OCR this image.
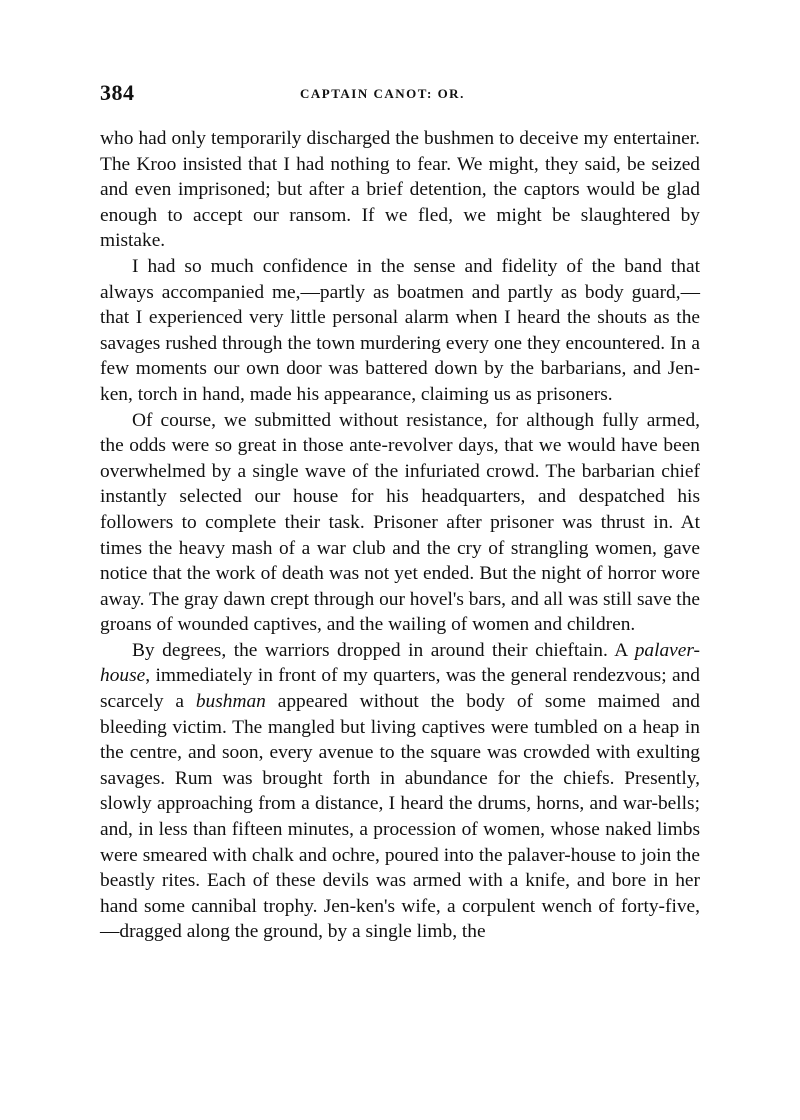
384	CAPTAIN CANOT: OR.

who had only temporarily discharged the bushmen to deceive my entertainer. The Kroo insisted that I had nothing to fear. We might, they said, be seized and even imprisoned; but after a brief detention, the captors would be glad enough to accept our ransom. If we fled, we might be slaughtered by mistake.

I had so much confidence in the sense and fidelity of the band that always accompanied me,—partly as boatmen and partly as body guard,—that I experienced very little personal alarm when I heard the shouts as the savages rushed through the town murdering every one they encountered. In a few moments our own door was battered down by the barbarians, and Jen-ken, torch in hand, made his appearance, claiming us as prisoners.

Of course, we submitted without resistance, for although fully armed, the odds were so great in those ante-revolver days, that we would have been overwhelmed by a single wave of the infuriated crowd. The barbarian chief instantly selected our house for his headquarters, and despatched his followers to complete their task. Prisoner after prisoner was thrust in. At times the heavy mash of a war club and the cry of strangling women, gave notice that the work of death was not yet ended. But the night of horror wore away. The gray dawn crept through our hovel's bars, and all was still save the groans of wounded captives, and the wailing of women and children.

By degrees, the warriors dropped in around their chieftain. A palaver-house, immediately in front of my quarters, was the general rendezvous; and scarcely a bushman appeared without the body of some maimed and bleeding victim. The mangled but living captives were tumbled on a heap in the centre, and soon, every avenue to the square was crowded with exulting savages. Rum was brought forth in abundance for the chiefs. Presently, slowly approaching from a distance, I heard the drums, horns, and war-bells; and, in less than fifteen minutes, a procession of women, whose naked limbs were smeared with chalk and ochre, poured into the palaver-house to join the beastly rites. Each of these devils was armed with a knife, and bore in her hand some cannibal trophy. Jen-ken's wife, a corpulent wench of forty-five,—dragged along the ground, by a single limb, the
